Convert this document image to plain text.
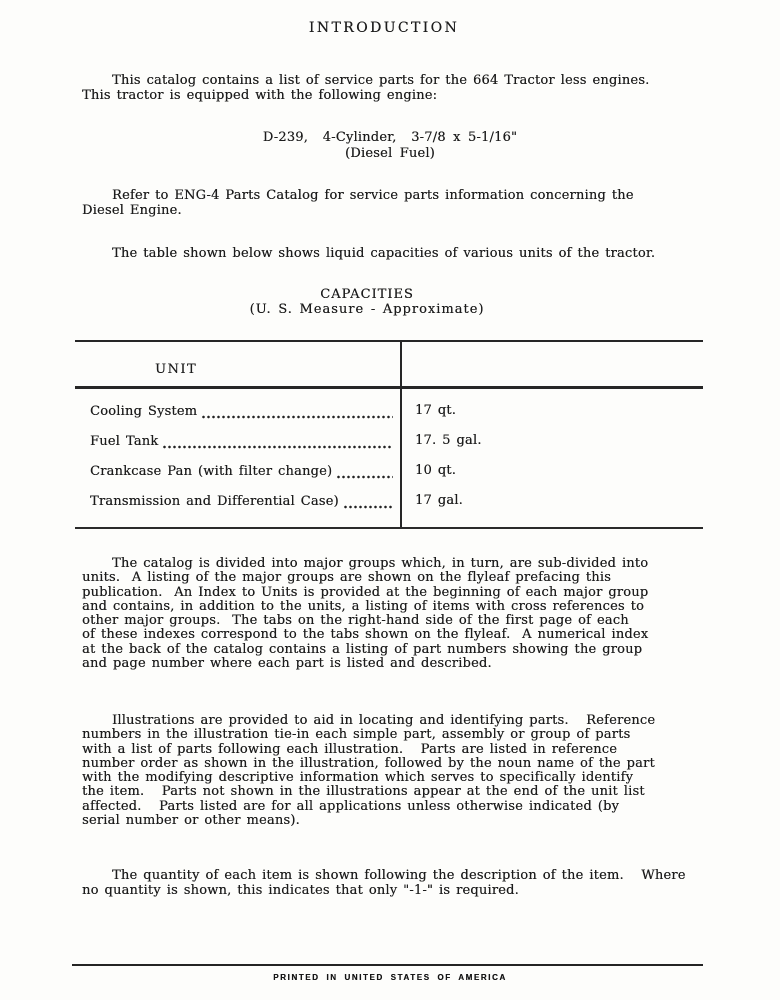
INTRODUCTION
This catalog contains a list of service parts for the 664 Tractor less engines.
This tractor is equipped with the following engine:
D-239,  4-Cylinder,  3-7/8 x 5-1/16"
(Diesel Fuel)
Refer to ENG-4 Parts Catalog for service parts information concerning the
Diesel Engine.
The table shown below shows liquid capacities of various units of the tractor.
CAPACITIES
(U. S. Measure - Approximate)
UNIT
Cooling System	17 qt.
Fuel Tank	17. 5 gal.
Crankcase Pan (with filter change)	10 qt.
Transmission and Differential Case)	17 gal.
The catalog is divided into major groups which, in turn, are sub-divided into
units.  A listing of the major groups are shown on the flyleaf prefacing this
publication.  An Index to Units is provided at the beginning of each major group
and contains, in addition to the units, a listing of items with cross references to
other major groups.  The tabs on the right-hand side of the first page of each
of these indexes correspond to the tabs shown on the flyleaf.  A numerical index
at the back of the catalog contains a listing of part numbers showing the group
and page number where each part is listed and described.
Illustrations are provided to aid in locating and identifying parts.   Reference
numbers in the illustration tie-in each simple part, assembly or group of parts
with a list of parts following each illustration.   Parts are listed in reference
number order as shown in the illustration, followed by the noun name of the part
with the modifying descriptive information which serves to specifically identify
the item.   Parts not shown in the illustrations appear at the end of the unit list
affected.   Parts listed are for all applications unless otherwise indicated (by
serial number or other means).
The quantity of each item is shown following the description of the item.   Where
no quantity is shown, this indicates that only "-1-" is required.
PRINTED IN UNITED STATES OF AMERICA
